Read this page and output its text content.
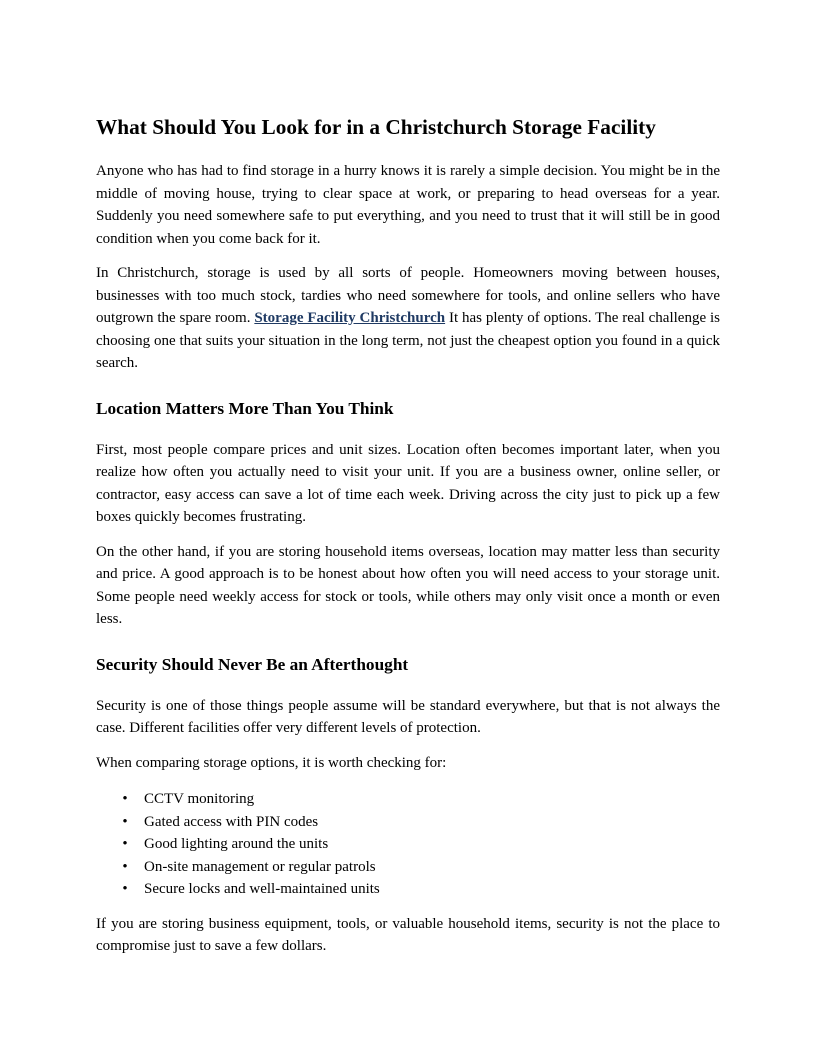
What Should You Look for in a Christchurch Storage Facility

Anyone who has had to find storage in a hurry knows it is rarely a simple decision. You might be in the middle of moving house, trying to clear space at work, or preparing to head overseas for a year. Suddenly you need somewhere safe to put everything, and you need to trust that it will still be in good condition when you come back for it.

In Christchurch, storage is used by all sorts of people. Homeowners moving between houses, businesses with too much stock, tardies who need somewhere for tools, and online sellers who have outgrown the spare room. Storage Facility Christchurch It has plenty of options. The real challenge is choosing one that suits your situation in the long term, not just the cheapest option you found in a quick search.

Location Matters More Than You Think

First, most people compare prices and unit sizes. Location often becomes important later, when you realize how often you actually need to visit your unit. If you are a business owner, online seller, or contractor, easy access can save a lot of time each week. Driving across the city just to pick up a few boxes quickly becomes frustrating.

On the other hand, if you are storing household items overseas, location may matter less than security and price. A good approach is to be honest about how often you will need access to your storage unit. Some people need weekly access for stock or tools, while others may only visit once a month or even less.

Security Should Never Be an Afterthought

Security is one of those things people assume will be standard everywhere, but that is not always the case. Different facilities offer very different levels of protection.

When comparing storage options, it is worth checking for:

• CCTV monitoring
• Gated access with PIN codes
• Good lighting around the units
• On-site management or regular patrols
• Secure locks and well-maintained units

If you are storing business equipment, tools, or valuable household items, security is not the place to compromise just to save a few dollars.
